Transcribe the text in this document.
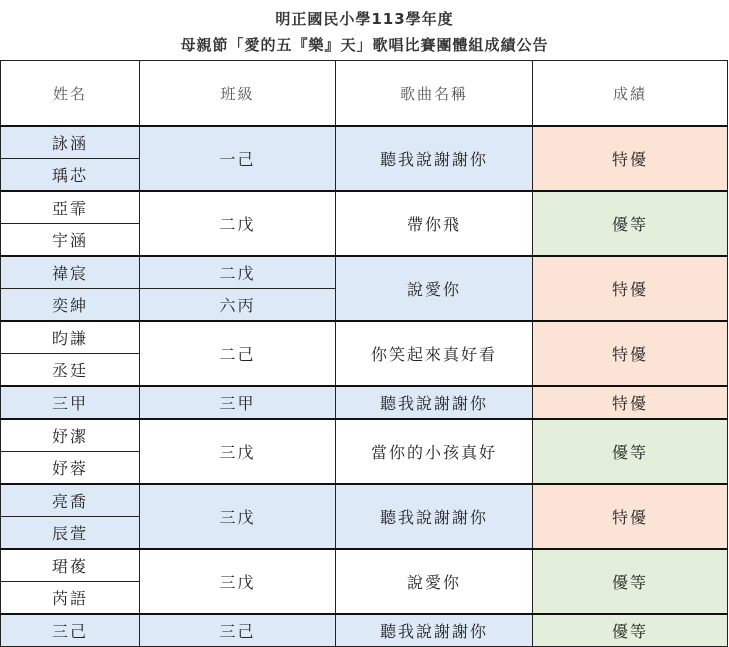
明正國民小學113學年度
母親節「愛的五『樂』天」歌唱比賽團體組成績公告
姓名	班級	歌曲名稱	成績
詠涵	一己	聽我說謝謝你	特優
瑀芯			
亞霏	二戊	帶你飛	優等
宇涵			
禕宸	二戊	說愛你	特優
奕紳	六丙		
昀謙	二己	你笑起來真好看	特優
丞廷			
三甲	三甲	聽我說謝謝你	特優
妤潔	三戊	當你的小孩真好	優等
妤蓉			
亮喬	三戊	聽我說謝謝你	特優
辰萱			
珺葰	三戊	說愛你	優等
芮語			
三己	三己	聽我說謝謝你	優等
